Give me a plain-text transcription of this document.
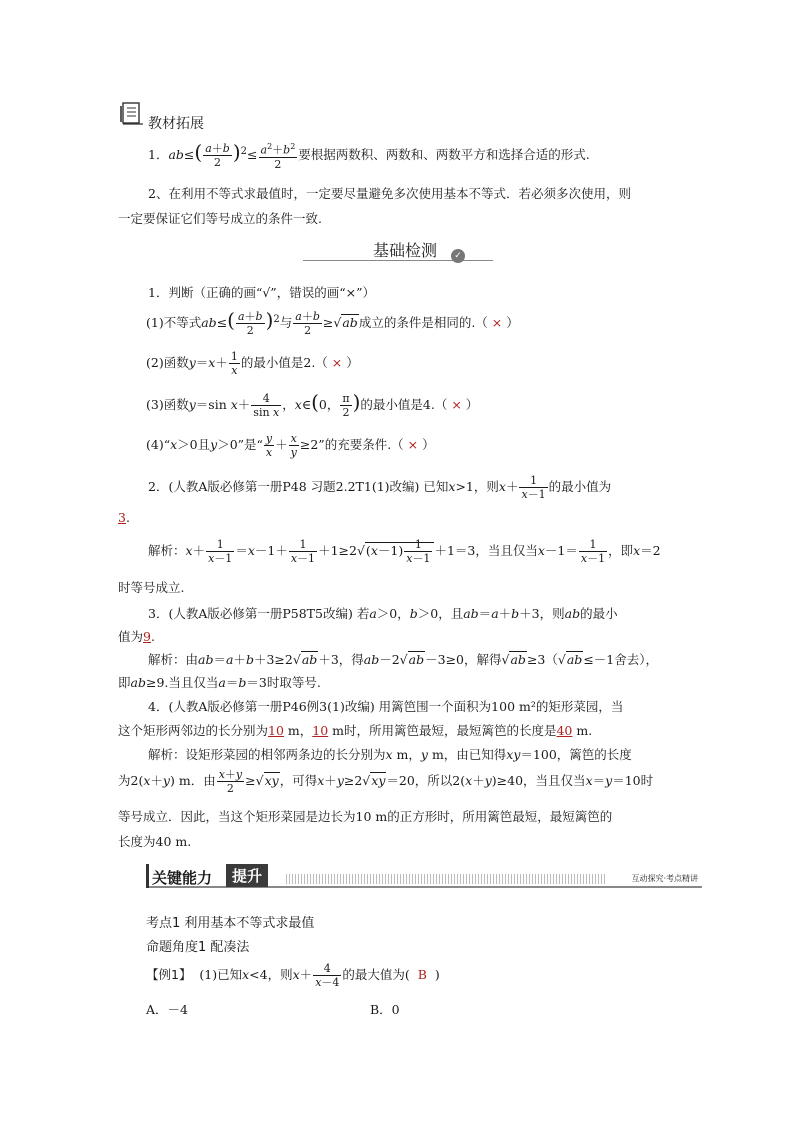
教材拓展
1．$ab\le( \frac{a+b}{2} )^2\le \frac{a^2+b^2}{2}$ 要根据两数积、两数和、两数平方和选择合适的形式.
2、在利用不等式求最值时，一定要尽量避免多次使用基本不等式．若必须多次使用，则
一定要保证它们等号成立的条件一致.
基础检测	✓
1．判断（正确的画“√”，错误的画“×”）
(1)不等式$ab\le( \frac{a+b}{2} )^2$与 $\frac{a+b}{2} \ge√ab$成立的条件是相同的.（ × ）
(2)函数$y=x+ \frac{1}{x}$ 的最小值是2.（ × ）
(3)函数y＝sin $x+ \frac{4}{\text{sin x}}$ ，x∈(0， $\frac{\pi}{2}$ )的最小值是4.（ × ）
(4)“x＞0且y＞0”是“ $\frac{y}{x} + \frac{x}{y} \ge 2$”的充要条件.（ × ）
2．(人教A版必修第一册P48 习题2.2T1(1)改编) 已知x>1，则$x+ \frac{1}{x-1}$ 的最小值为
3.
解析：$x+ \frac{1}{x-1} =x-1+ \frac{1}{x-1} +1\ge 2√(x-1) \frac{1}{x-1} +1=3$，当且仅当$x-1= \frac{1}{x-1}$ ，即x＝2
时等号成立.
3．(人教A版必修第一册P58T5改编) 若a＞0，b＞0，且ab＝a＋b＋3，则ab的最小
值为9.
解析：由ab＝a＋b＋3≥2√ab＋3，得ab－2√ab－3≥0，解得√ab≥3（√ab≤－1舍去），
即ab≥9.当且仅当a＝b＝3时取等号.
4．(人教A版必修第一册P46例3(1)改编) 用篱笆围一个面积为100 m²的矩形菜园，当
这个矩形两邻边的长分别为10 m，10 m时，所用篱笆最短，最短篱笆的长度是40 m.
解析：设矩形菜园的相邻两条边的长分别为x m，y m，由已知得xy＝100，篱笆的长度
为2(x＋y) m．由 $\frac{x+y}{2} \ge√xy$，可得x＋y≥2√xy＝20，所以2(x＋y)≥40，当且仅当x＝y＝10时
等号成立．因此，当这个矩形菜园是边长为10 m的正方形时，所用篱笆最短，最短篱笆的
长度为40 m.
关键能力	提升	互动探究·考点精讲
考点1 利用基本不等式求最值
命题角度1 配凑法
【例1】  (1)已知x<4，则$x+ \frac{4}{x-4}$ 的最大值为(  B  )
A．－4	B．0
